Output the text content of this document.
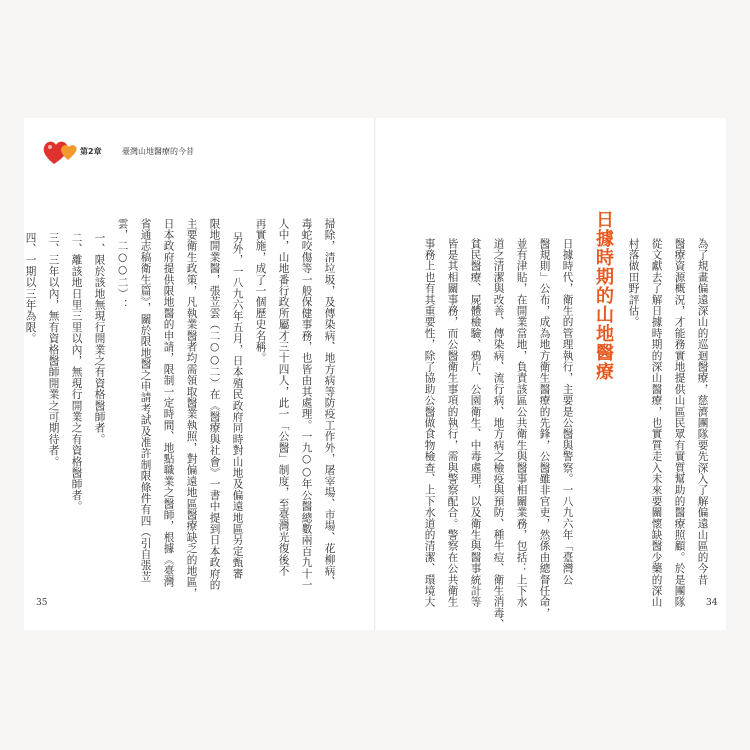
第2章	臺灣山地醫療的今昔
為了規畫偏遠深山的巡迴醫療，慈濟團隊要先深入了解偏遠山區的今昔
醫療資源概況，才能務實地提供山區民眾有實質幫助的醫療照顧。於是團隊
從文獻去了解日據時期的深山醫療，也實質走入未來要關懷缺醫少藥的深山
村落做田野評估。
日據時期的山地醫療
日據時代，衛生的管理執行，主要是公醫與警察。一八九六年「臺灣公
醫規則」公布，成為地方衛生醫療的先鋒，公醫雖非官吏，然係由總督任命，
並有津貼，在開業當地，負責該區公共衛生與醫事相關業務，包括：上下水
道之清潔與改善、傳染病、流行病、地方病之檢疫與預防、種牛痘、衛生消毒、
貧民醫療、屍體檢驗、鴉片、公園衛生、中毒處理，以及衛生與醫事統計等
皆是其相關事務，而公醫衛生事項的執行，需與警察配合。警察在公共衛生
事務上也有其重要性，除了協助公醫做食物檢查、上下水道的清潔、環境大
掃除，清垃圾，及傳染病、地方病等防疫工作外，屠宰場、市場、花柳病、
毒蛇咬傷等一般保健事務，也皆由其處理。一九○○年公醫總數兩百九十一
人中，山地番行政所屬才三十四人，此一「公醫」制度，至臺灣光復後不
再實施，成了一個歷史名稱。
另外，一八九六年五月，日本殖民政府同時對山地及偏遠地區另定甄審
限地開業醫，張苙雲（二○○二）在《醫療與社會》一書中提到日本政府的
主要衛生政策，凡執業醫者均需領取醫業執照，對偏遠地區醫療缺乏的地區，
日本政府提供限地醫的申請，限制一定時間、地點職業之醫師，根據《臺灣
省通志稿衛生篇》，關於限地醫之申請考試及准許制限條件有四（引自張苙
雲，二○○二）：
一、限於該地無現行開業之有資格醫師者。
二、離該地日里三里以內，無現行開業之有資格醫師者。
三、三年以內，無有資格醫師開業之可期待者。
四、一期以三年為限。
35	34
